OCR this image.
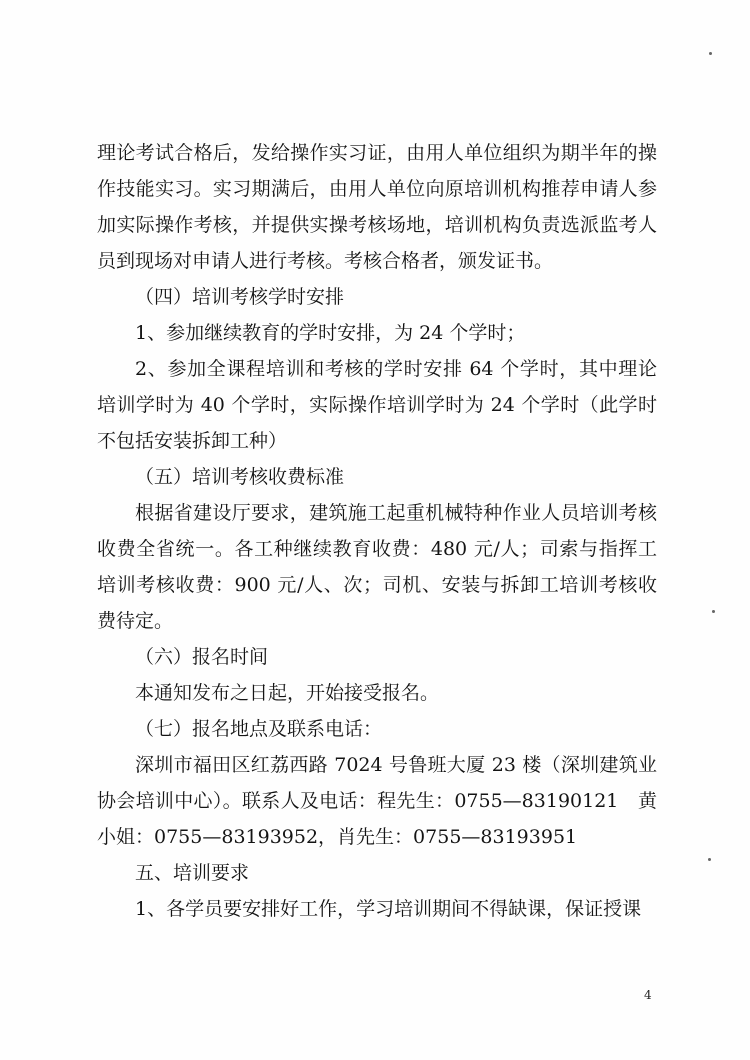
理论考试合格后，发给操作实习证，由用人单位组织为期半年的操作技能实习。实习期满后，由用人单位向原培训机构推荐申请人参加实际操作考核，并提供实操考核场地，培训机构负责选派监考人员到现场对申请人进行考核。考核合格者，颁发证书。

（四）培训考核学时安排

1、参加继续教育的学时安排，为 24 个学时；

2、参加全课程培训和考核的学时安排 64 个学时，其中理论培训学时为 40 个学时，实际操作培训学时为 24 个学时（此学时不包括安装拆卸工种）

（五）培训考核收费标准

根据省建设厅要求，建筑施工起重机械特种作业人员培训考核收费全省统一。各工种继续教育收费：480 元/人；司索与指挥工培训考核收费：900 元/人、次；司机、安装与拆卸工培训考核收费待定。

（六）报名时间

本通知发布之日起，开始接受报名。

（七）报名地点及联系电话：

深圳市福田区红荔西路 7024 号鲁班大厦 23 楼（深圳建筑业协会培训中心）。联系人及电话：程先生：0755—83190121　黄小姐：0755—83193952，肖先生：0755—83193951

五、培训要求

1、各学员要安排好工作，学习培训期间不得缺课，保证授课

4
